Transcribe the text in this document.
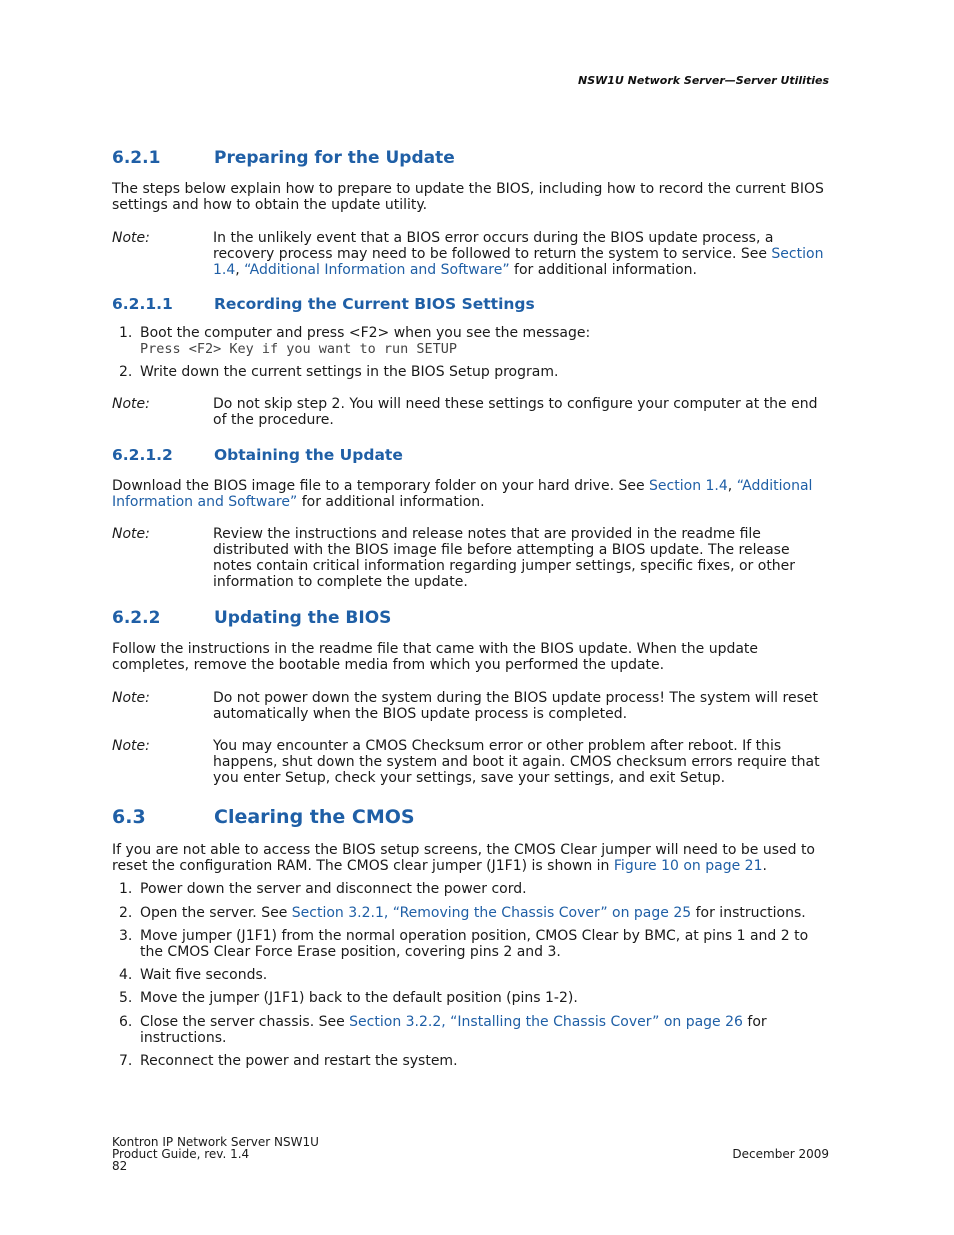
NSW1U Network Server—Server Utilities
6.2.1	Preparing for the Update
The steps below explain how to prepare to update the BIOS, including how to record the current BIOS settings and how to obtain the update utility.
Note:	In the unlikely event that a BIOS error occurs during the BIOS update process, a recovery process may need to be followed to return the system to service. See Section 1.4, “Additional Information and Software” for additional information.
6.2.1.1	Recording the Current BIOS Settings
1. Boot the computer and press <F2> when you see the message:
Press <F2> Key if you want to run SETUP
2. Write down the current settings in the BIOS Setup program.
Note:	Do not skip step 2. You will need these settings to configure your computer at the end of the procedure.
6.2.1.2	Obtaining the Update
Download the BIOS image file to a temporary folder on your hard drive. See Section 1.4, “Additional Information and Software” for additional information.
Note:	Review the instructions and release notes that are provided in the readme file distributed with the BIOS image file before attempting a BIOS update. The release notes contain critical information regarding jumper settings, specific fixes, or other information to complete the update.
6.2.2	Updating the BIOS
Follow the instructions in the readme file that came with the BIOS update. When the update completes, remove the bootable media from which you performed the update.
Note:	Do not power down the system during the BIOS update process! The system will reset automatically when the BIOS update process is completed.
Note:	You may encounter a CMOS Checksum error or other problem after reboot. If this happens, shut down the system and boot it again. CMOS checksum errors require that you enter Setup, check your settings, save your settings, and exit Setup.
6.3	Clearing the CMOS
If you are not able to access the BIOS setup screens, the CMOS Clear jumper will need to be used to reset the configuration RAM. The CMOS clear jumper (J1F1) is shown in Figure 10 on page 21.
1. Power down the server and disconnect the power cord.
2. Open the server. See Section 3.2.1, “Removing the Chassis Cover” on page 25 for instructions.
3. Move jumper (J1F1) from the normal operation position, CMOS Clear by BMC, at pins 1 and 2 to the CMOS Clear Force Erase position, covering pins 2 and 3.
4. Wait five seconds.
5. Move the jumper (J1F1) back to the default position (pins 1-2).
6. Close the server chassis. See Section 3.2.2, “Installing the Chassis Cover” on page 26 for instructions.
7. Reconnect the power and restart the system.
Kontron IP Network Server NSW1U
Product Guide, rev. 1.4
82
December 2009
